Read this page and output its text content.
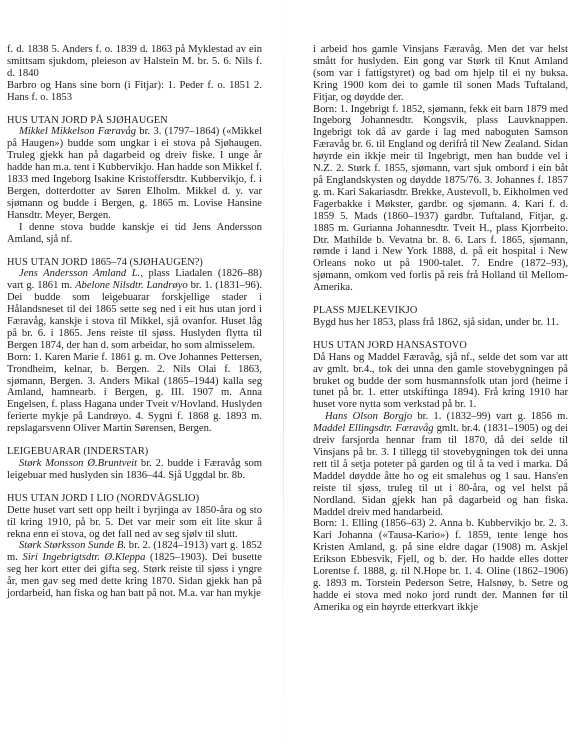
f. d. 1838 5. Anders f. o. 1839 d. 1863 på Myklestad av ein smittsam sjukdom, pleieson av Halstein M. br. 5. 6. Nils f. d. 1840

Barbro og Hans sine born (i Fitjar): 1. Peder f. o. 1851 2. Hans f. o. 1853

HUS UTAN JORD PÅ SJØHAUGEN

Mikkel Mikkelson Færavåg br. 3. (1797–1864) («Mikkel på Haugen») budde som ungkar i ei stova på Sjøhaugen. Truleg gjekk han på dagarbeid og dreiv fiske. I unge år hadde han m.a. tent i Kubbervikjo. Han hadde son Mikkel f. 1833 med Ingeborg Isakine Kristoffersdtr. Kubbervikjo, f. i Bergen, dotterdotter av Søren Elholm. Mikkel d. y. var sjømann og budde i Bergen, g. 1865 m. Lovise Hansine Hansdtr. Meyer, Bergen.

I denne stova budde kanskje ei tid Jens Andersson Amland, sjå nf.

HUS UTAN JORD 1865–74 (SJØHAUGEN?)

Jens Andersson Amland L., plass Liadalen (1826–88) vart g. 1861 m. Abelone Nilsdtr. Landrøyo br. 1. (1831–96). Dei budde som leigebuarar forskjellige stader i Hålandsneset til dei 1865 sette seg ned i eit hus utan jord i Færavåg, kanskje i stova til Mikkel, sjå ovanfor. Huset låg på br. 6. i 1865. Jens reiste til sjøss. Huslyden flytta til Bergen 1874, der han d. som arbeidar, ho som almisselem.

Born: 1. Karen Marie f. 1861 g. m. Ove Johannes Pettersen, Trondheim, kelnar, b. Bergen. 2. Nils Olai f. 1863, sjømann, Bergen. 3. Anders Mikal (1865–1944) kalla seg Amland, hamnearb. i Bergen, g. III. 1907 m. Anna Engelsen, f. plass Hagana under Tveit v/Hovland. Huslyden ferierte mykje på Landrøyo. 4. Sygni f. 1868 g. 1893 m. repslagarsvenn Oliver Martin Sørensen, Bergen.

LEIGEBUARAR (INDERSTAR)

Størk Monsson Ø.Bruntveit br. 2. budde i Færavåg som leigebuar med huslyden sin 1836–44. Sjå Uggdal br. 8b.

HUS UTAN JORD I LIO (NORDVÅGSLIO)

Dette huset vart sett opp heilt i byrjinga av 1850-åra og sto til kring 1910, på br. 5. Det var meir som eit lite skur å rekna enn ei stova, og det fall ned av seg sjølv til slutt.

Størk Størksson Sunde B. br. 2. (1824–1913) vart g. 1852 m. Siri Ingebrigtsdtr. Ø.Kleppa (1825–1903). Dei busette seg her kort etter dei gifta seg. Størk reiste til sjøss i yngre år, men gav seg med dette kring 1870. Sidan gjekk han på jordarbeid, han fiska og han batt på not. M.a. var han mykje

i arbeid hos gamle Vinsjans Færavåg. Men det var helst smått for huslyden. Ein gong var Størk til Knut Amland (som var i fattigstyret) og bad om hjelp til ei ny buksa. Kring 1900 kom dei to gamle til sonen Mads Tuftaland, Fitjar, og døydde der.

Born: 1. Ingebrigt f. 1852, sjømann, fekk eit barn 1879 med Ingeborg Johannesdtr. Kongsvik, plass Lauvknappen. Ingebrigt tok då av garde i lag med naboguten Samson Færavåg br. 6. til England og derifrå til New Zealand. Sidan høyrde ein ikkje meir til Ingebrigt, men han budde vel i N.Z. 2. Størk f. 1855, sjømann, vart sjuk ombord i ein båt på Englandskysten og døydde 1875/76. 3. Johannes f. 1857 g. m. Kari Sakariasdtr. Brekke, Austevoll, b. Eikholmen ved Fagerbakke i Møkster, gardbr. og sjømann. 4. Kari f. d. 1859 5. Mads (1860–1937) gardbr. Tuftaland, Fitjar, g. 1885 m. Gurianna Johannesdtr. Tveit H., plass Kjorrbeito. Dtr. Mathilde b. Vevatna br. 8. 6. Lars f. 1865, sjømann, rømde i land i New York 1888, d. på eit hospital i New Orleans noko ut på 1900-talet. 7. Endre (1872–93), sjømann, omkom ved forlis på reis frå Holland til Mellom-Amerika.

PLASS MJELKEVIKJO

Bygd hus her 1853, plass frå 1862, sjå sidan, under br. 11.

HUS UTAN JORD HANSASTOVO

Då Hans og Maddel Færavåg, sjå nf., selde det som var att av gmlt. br.4., tok dei unna den gamle stovebygningen på bruket og budde der som husmannsfolk utan jord (heime i tunet på br. 1. etter utskiftinga 1894). Frå kring 1910 har huset vore nytta som verkstad på br. 1.

Hans Olson Borgjo br. 1. (1832–99) vart g. 1856 m. Maddel Ellingsdtr. Færavåg gmlt. br.4. (1831–1905) og dei dreiv farsjorda hennar fram til 1870, då dei selde til Vinsjans på br. 3. I tillegg til stovebygningen tok dei unna rett til å setja poteter på garden og til å ta ved i marka. Då Maddel døydde åtte ho og eit smalehus og 1 sau. Hans'en reiste til sjøss, truleg til ut i 80-åra, og vel helst på Nordland. Sidan gjekk han på dagarbeid og han fiska. Maddel dreiv med handarbeid.

Born: 1. Elling (1856–63) 2. Anna b. Kubbervikjo br. 2. 3. Kari Johanna («Tausa-Kario») f. 1859, tente lenge hos Kristen Amland, g. på sine eldre dagar (1908) m. Askjel Erikson Ebbesvik, Fjell, og b. der. Ho hadde elles dotter Lorentse f. 1888, g. til N.Hope br. 1. 4. Oline (1862–1906) g. 1893 m. Torstein Pederson Setre, Halsnøy, b. Setre og hadde ei stova med noko jord rundt der. Mannen før til Amerika og ein høyrde etterkvart ikkje
